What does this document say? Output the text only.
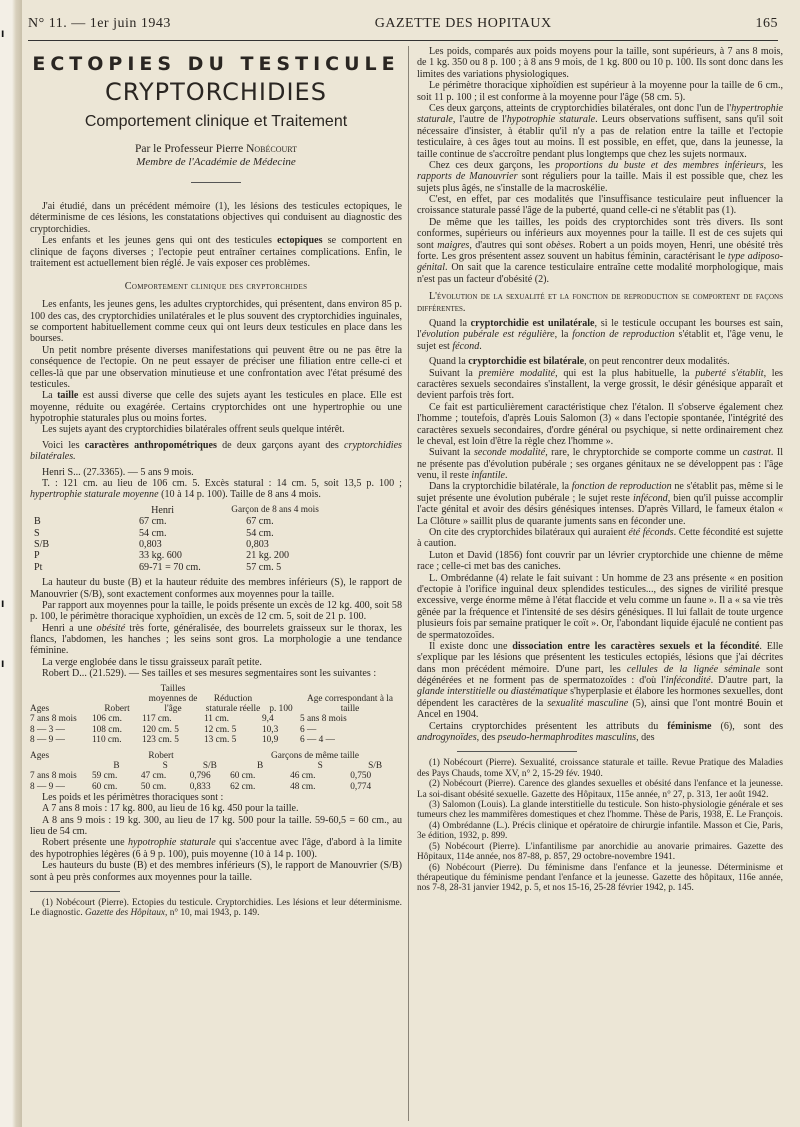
I
I
I
N° 11. — 1er juin 1943	GAZETTE DES HOPITAUX	165
ECTOPIES DU TESTICULE
CRYPTORCHIDIES
Comportement clinique et Traitement
Par le Professeur Pierre Nobécourt
Membre de l'Académie de Médecine

J'ai étudié, dans un précédent mémoire (1), les lésions des testicules ectopiques, le déterminisme de ces lésions, les constatations objectives qui conduisent au diagnostic des cryptorchidies.

Les enfants et les jeunes gens qui ont des testicules ectopiques se comportent en clinique de façons diverses ; l'ectopie peut entraîner certaines complications. Enfin, le traitement est actuellement bien réglé. Je vais exposer ces problèmes.

Comportement clinique des cryptorchides

Les enfants, les jeunes gens, les adultes cryptorchides, qui présentent, dans environ 85 p. 100 des cas, des cryptorchidies unilatérales et le plus souvent des cryptorchidies inguinales, se comportent habituellement comme ceux qui ont leurs deux testicules en place dans les bourses.

Un petit nombre présente diverses manifestations qui peuvent être ou ne pas être la conséquence de l'ectopie. On ne peut essayer de préciser une filiation entre celle-ci et celles-là que par une observation minutieuse et une confrontation avec l'état présumé des testicules.

La taille est aussi diverse que celle des sujets ayant les testicules en place. Elle est moyenne, réduite ou exagérée. Certains cryptorchides ont une hypertrophie ou une hypotrophie staturales plus ou moins fortes.

Les sujets ayant des cryptorchidies bilatérales offrent seuls quelque intérêt.

Voici les caractères anthropométriques de deux garçons ayant des cryptorchidies bilatérales.

Henri S... (27.3365). — 5 ans 9 mois.

T. : 121 cm. au lieu de 106 cm. 5. Excès statural : 14 cm. 5, soit 13,5 p. 100 ; hypertrophie staturale moyenne (10 à 14 p. 100). Taille de 8 ans 4 mois.

	Henri	Garçon de 8 ans 4 mois
B	67 cm.	67 cm.
S	54 cm.	54 cm.
S/B	0,803	0,803
P	33 kg. 600	21 kg. 200
Pt	69-71 = 70 cm.	57 cm. 5

La hauteur du buste (B) et la hauteur réduite des membres inférieurs (S), le rapport de Manouvrier (S/B), sont exactement conformes aux moyennes pour la taille.

Par rapport aux moyennes pour la taille, le poids présente un excès de 12 kg. 400, soit 58 p. 100, le périmètre thoracique xyphoïdien, un excès de 12 cm. 5, soit de 21 p. 100.

Henri a une obésité très forte, généralisée, des bourrelets graisseux sur le thorax, les flancs, l'abdomen, les hanches ; les seins sont gros. La morphologie a une tendance féminine.

La verge englobée dans le tissu graisseux paraît petite.

Robert D... (21.529). — Ses tailles et ses mesures segmentaires sont les suivantes :

Ages	Robert	Tailles moyennes de l'âge	Réduction staturale réelle	p. 100	Age correspondant à la taille
7 ans 8 mois	106 cm.	117 cm.	11 cm.	9,4	5 ans 8 mois
8 — 3 —	108 cm.	120 cm. 5	12 cm. 5	10,3	6 —
8 — 9 —	110 cm.	123 cm. 5	13 cm. 5	10,9	6 — 4 —
Ages	Robert			Garçons de même taille		
	B	S	S/B	B	S	S/B
7 ans 8 mois	59 cm.	47 cm.	0,796	60 cm.	46 cm.	0,750
8 — 9 —	60 cm.	50 cm.	0,833	62 cm.	48 cm.	0,774

Les poids et les périmètres thoraciques sont :

A 7 ans 8 mois : 17 kg. 800, au lieu de 16 kg. 450 pour la taille.

A 8 ans 9 mois : 19 kg. 300, au lieu de 17 kg. 500 pour la taille. 59-60,5 = 60 cm., au lieu de 54 cm.

Robert présente une hypotrophie staturale qui s'accentue avec l'âge, d'abord à la limite des hypotrophies légères (6 à 9 p. 100), puis moyenne (10 à 14 p. 100).

Les hauteurs du buste (B) et des membres inférieurs (S), le rapport de Manouvrier (S/B) sont à peu près conformes aux moyennes pour la taille.

(1) Nobécourt (Pierre). Ectopies du testicule. Cryptorchidies. Les lésions et leur déterminisme. Le diagnostic. Gazette des Hôpitaux, n° 10, mai 1943, p. 149.

Les poids, comparés aux poids moyens pour la taille, sont supérieurs, à 7 ans 8 mois, de 1 kg. 350 ou 8 p. 100 ; à 8 ans 9 mois, de 1 kg. 800 ou 10 p. 100. Ils sont donc dans les limites des variations physiologiques.

Le périmètre thoracique xiphoïdien est supérieur à la moyenne pour la taille de 6 cm., soit 11 p. 100 ; il est conforme à la moyenne pour l'âge (58 cm. 5).

Ces deux garçons, atteints de cryptorchidies bilatérales, ont donc l'un de l'hypertrophie staturale, l'autre de l'hypotrophie staturale. Leurs observations suffisent, sans qu'il soit nécessaire d'insister, à établir qu'il n'y a pas de relation entre la taille et l'ectopie testiculaire, à ces âges tout au moins. Il est possible, en effet, que, dans la jeunesse, la taille continue de s'accroître pendant plus longtemps que chez les sujets normaux.

Chez ces deux garçons, les proportions du buste et des membres inférieurs, les rapports de Manouvrier sont réguliers pour la taille. Mais il est possible que, chez les sujets plus âgés, ne s'installe de la macroskélie.

C'est, en effet, par ces modalités que l'insuffisance testiculaire peut influencer la croissance staturale passé l'âge de la puberté, quand celle-ci ne s'établit pas (1).

De même que les tailles, les poids des cryptorchides sont très divers. Ils sont conformes, supérieurs ou inférieurs aux moyennes pour la taille. Il est de ces sujets qui sont maigres, d'autres qui sont obèses. Robert a un poids moyen, Henri, une obésité très forte. Les gros présentent assez souvent un habitus féminin, caractérisant le type adiposo-génital. On sait que la carence testiculaire entraîne cette modalité morphologique, mais n'est pas un facteur d'obésité (2).

L'évolution de la sexualité et la fonction de reproduction se comportent de façons différentes.

Quand la cryptorchidie est unilatérale, si le testicule occupant les bourses est sain, l'évolution pubérale est régulière, la fonction de reproduction s'établit et, l'âge venu, le sujet est fécond.

Quand la cryptorchidie est bilatérale, on peut rencontrer deux modalités.

Suivant la première modalité, qui est la plus habituelle, la puberté s'établit, les caractères sexuels secondaires s'installent, la verge grossit, le désir génésique apparaît et devient parfois très fort.

Ce fait est particulièrement caractéristique chez l'étalon. Il s'observe également chez l'homme ; toutefois, d'après Louis Salomon (3) « dans l'ectopie spontanée, l'intégrité des caractères sexuels secondaires, d'ordre général ou psychique, si nette ordinairement chez le cheval, est loin d'être la règle chez l'homme ».

Suivant la seconde modalité, rare, le chryptorchide se comporte comme un castrat. Il ne présente pas d'évolution pubérale ; ses organes génitaux ne se développent pas : l'âge venu, il reste infantile.

Dans la cryptorchidie bilatérale, la fonction de reproduction ne s'établit pas, même si le sujet présente une évolution pubérale ; le sujet reste infécond, bien qu'il puisse accomplir l'acte génital et avoir des désirs génésiques intenses. D'après Villard, le fameux étalon « La Clôture » saillit plus de quarante juments sans en féconder une.

On cite des cryptorchides bilatéraux qui auraient été féconds. Cette fécondité est sujette à caution.

Luton et David (1856) font couvrir par un lévrier cryptorchide une chienne de même race ; celle-ci met bas des caniches.

L. Ombrédanne (4) relate le fait suivant : Un homme de 23 ans présente « en position d'ectopie à l'orifice inguinal deux splendides testicules..., des signes de virilité presque excessive, verge énorme même à l'état flaccide et velu comme un faune ». Il a « sa vie très gênée par la fréquence et l'intensité de ses désirs génésiques. Il lui fallait de toute urgence plusieurs fois par semaine pratiquer le coït ». Or, l'abondant liquide éjaculé ne contient pas de spermatozoïdes.

Il existe donc une dissociation entre les caractères sexuels et la fécondité. Elle s'explique par les lésions que présentent les testicules ectopiés, lésions que j'ai décrites dans mon précédent mémoire. D'une part, les cellules de la lignée séminale sont dégénérées et ne forment pas de spermatozoïdes : d'où l'infécondité. D'autre part, la glande interstitielle ou diastématique s'hyperplasie et élabore les hormones sexuelles, dont dépendent les caractères de la sexualité masculine (5), ainsi que l'ont montré Bouin et Ancel en 1904.

Certains cryptorchides présentent les attributs du féminisme (6), sont des androgynoïdes, des pseudo-hermaphrodites masculins, des

(1) Nobécourt (Pierre). Sexualité, croissance staturale et taille. Revue Pratique des Maladies des Pays Chauds, tome XV, n° 2, 15-29 fév. 1940.

(2) Nobécourt (Pierre). Carence des glandes sexuelles et obésité dans l'enfance et la jeunesse. La soi-disant obésité sexuelle. Gazette des Hôpitaux, 115e année, n° 27, p. 313, 1er août 1942.

(3) Salomon (Louis). La glande interstitielle du testicule. Son histo-physiologie générale et ses tumeurs chez les mammifères domestiques et chez l'homme. Thèse de Paris, 1938, E. Le François.

(4) Ombrédanne (L.). Précis clinique et opératoire de chirurgie infantile. Masson et Cie, Paris, 3e édition, 1932, p. 899.

(5) Nobécourt (Pierre). L'infantilisme par anorchidie au anovarie primaires. Gazette des Hôpitaux, 114e année, nos 87-88, p. 857, 29 octobre-novembre 1941.

(6) Nobécourt (Pierre). Du féminisme dans l'enfance et la jeunesse. Déterminisme et thérapeutique du féminisme pendant l'enfance et la jeunesse. Gazette des hôpitaux, 116e année, nos 7-8, 28-31 janvier 1942, p. 5, et nos 15-16, 25-28 février 1942, p. 145.
